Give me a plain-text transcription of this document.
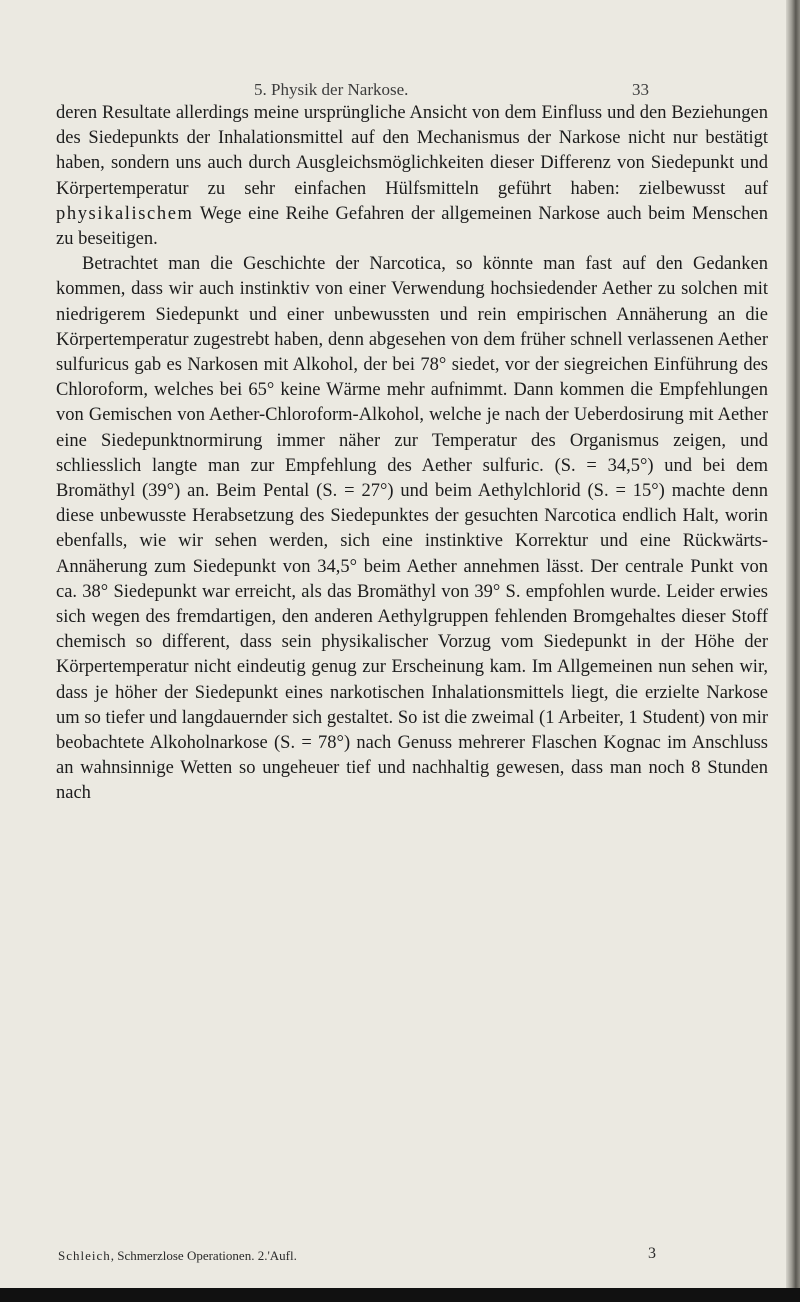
5. Physik der Narkose.	33

deren Resultate allerdings meine ursprüngliche Ansicht von dem Einfluss und den Beziehungen des Siedepunkts der Inhalationsmittel auf den Mechanismus der Narkose nicht nur bestätigt haben, sondern uns auch durch Ausgleichsmöglichkeiten dieser Differenz von Siedepunkt und Körpertemperatur zu sehr einfachen Hülfsmitteln geführt haben: zielbewusst auf physikalischem Wege eine Reihe Gefahren der allgemeinen Narkose auch beim Menschen zu beseitigen.

Betrachtet man die Geschichte der Narcotica, so könnte man fast auf den Gedanken kommen, dass wir auch instinktiv von einer Verwendung hochsiedender Aether zu solchen mit niedrigerem Siedepunkt und einer unbewussten und rein empirischen Annäherung an die Körpertemperatur zugestrebt haben, denn abgesehen von dem früher schnell verlassenen Aether sulfuricus gab es Narkosen mit Alkohol, der bei 78° siedet, vor der siegreichen Einführung des Chloroform, welches bei 65° keine Wärme mehr aufnimmt. Dann kommen die Empfehlungen von Gemischen von Aether-Chloroform-Alkohol, welche je nach der Ueberdosirung mit Aether eine Siedepunktnormirung immer näher zur Temperatur des Organismus zeigen, und schliesslich langte man zur Empfehlung des Aether sulfuric. (S. = 34,5°) und bei dem Bromäthyl (39°) an. Beim Pental (S. = 27°) und beim Aethylchlorid (S. = 15°) machte denn diese unbewusste Herabsetzung des Siedepunktes der gesuchten Narcotica endlich Halt, worin ebenfalls, wie wir sehen werden, sich eine instinktive Korrektur und eine Rückwärts-Annäherung zum Siedepunkt von 34,5° beim Aether annehmen lässt. Der centrale Punkt von ca. 38° Siedepunkt war erreicht, als das Bromäthyl von 39° S. empfohlen wurde. Leider erwies sich wegen des fremdartigen, den anderen Aethylgruppen fehlenden Bromgehaltes dieser Stoff chemisch so different, dass sein physikalischer Vorzug vom Siedepunkt in der Höhe der Körpertemperatur nicht eindeutig genug zur Erscheinung kam. Im Allgemeinen nun sehen wir, dass je höher der Siedepunkt eines narkotischen Inhalationsmittels liegt, die erzielte Narkose um so tiefer und langdauernder sich gestaltet. So ist die zweimal (1 Arbeiter, 1 Student) von mir beobachtete Alkoholnarkose (S. = 78°) nach Genuss mehrerer Flaschen Kognac im Anschluss an wahnsinnige Wetten so ungeheuer tief und nachhaltig gewesen, dass man noch 8 Stunden nach

Schleich, Schmerzlose Operationen. 2.'Aufl.	3
